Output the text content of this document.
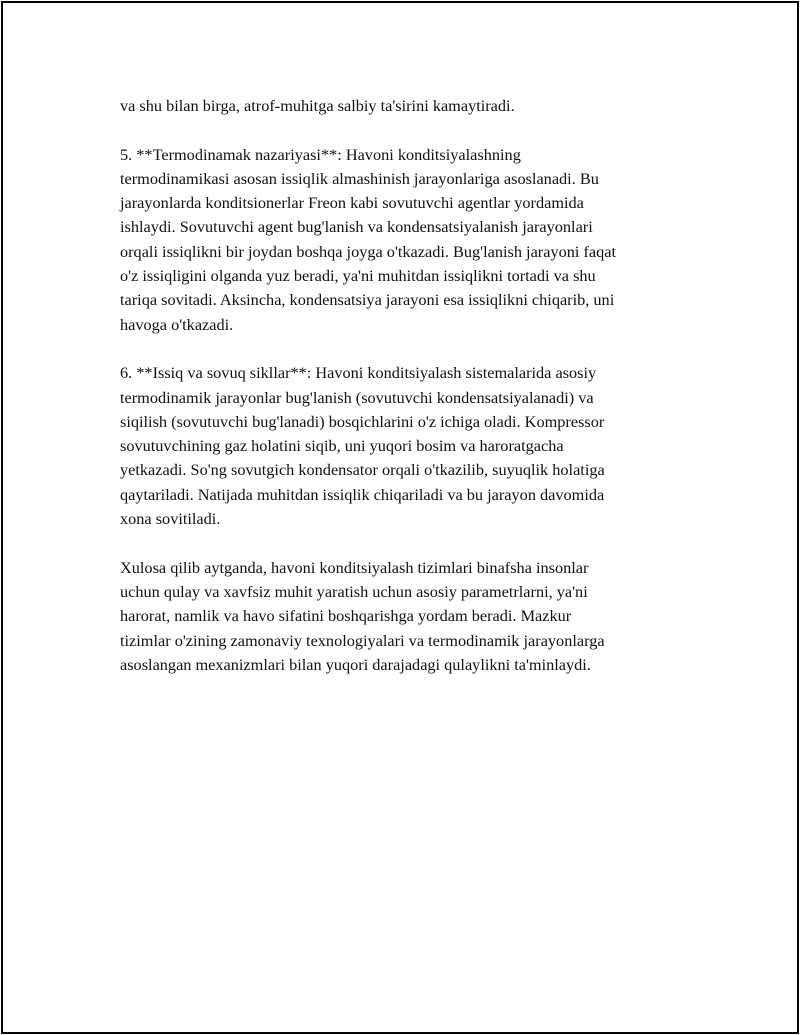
va shu bilan birga, atrof-muhitga salbiy ta'sirini kamaytiradi.

5. **Termodinamak nazariyasi**: Havoni konditsiyalashning
termodinamikasi asosan issiqlik almashinish jarayonlariga asoslanadi. Bu
jarayonlarda konditsionerlar Freon kabi sovutuvchi agentlar yordamida
ishlaydi. Sovutuvchi agent bug'lanish va kondensatsiyalanish jarayonlari
orqali issiqlikni bir joydan boshqa joyga o'tkazadi. Bug'lanish jarayoni faqat
o'z issiqligini olganda yuz beradi, ya'ni muhitdan issiqlikni tortadi va shu
tariqa sovitadi. Aksincha, kondensatsiya jarayoni esa issiqlikni chiqarib, uni
havoga o'tkazadi.

6. **Issiq va sovuq sikllar**: Havoni konditsiyalash sistemalarida asosiy
termodinamik jarayonlar bug'lanish (sovutuvchi kondensatsiyalanadi) va
siqilish (sovutuvchi bug'lanadi) bosqichlarini o'z ichiga oladi. Kompressor
sovutuvchining gaz holatini siqib, uni yuqori bosim va haroratgacha
yetkazadi. So'ng sovutgich kondensator orqali o'tkazilib, suyuqlik holatiga
qaytariladi. Natijada muhitdan issiqlik chiqariladi va bu jarayon davomida
xona sovitiladi.

Xulosa qilib aytganda, havoni konditsiyalash tizimlari binafsha insonlar
uchun qulay va xavfsiz muhit yaratish uchun asosiy parametrlarni, ya'ni
harorat, namlik va havo sifatini boshqarishga yordam beradi. Mazkur
tizimlar o'zining zamonaviy texnologiyalari va termodinamik jarayonlarga
asoslangan mexanizmlari bilan yuqori darajadagi qulaylikni ta'minlaydi.
